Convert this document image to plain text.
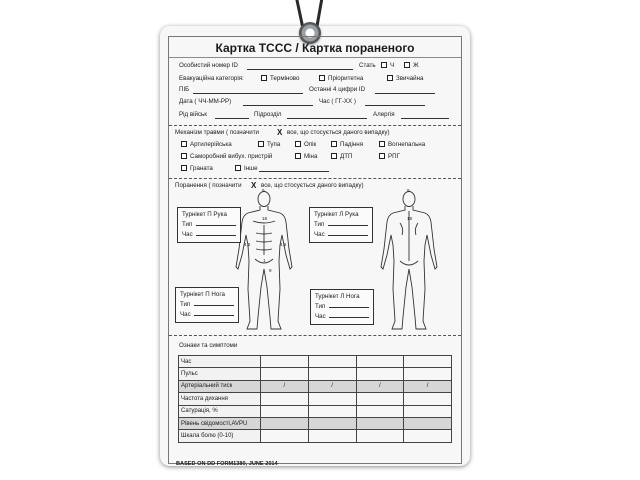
Картка TCCC / Картка пораненого
Особистий номер ID	Стать Ч	Ж
Евакуаційна категорія:	Терміново	Пріоритетна	Звичайна
ПІБ	Останні 4 цифри ID
Дата ( ЧЧ-ММ-РР)	Час ( ГГ-ХХ )
Рід військ	Підрозділ	Алергія
Механізм травми ( позначити X все, що стосується даного випадку)
Артилерійська	Тупа	Опік	Падіння	Вогнепальна
Саморобний вибух. пристрій	Міна	ДТП	РПГ
Граната	Інше
Поранення ( позначити X все, що стосується даного випадку)
9
4,5
18
4,5
9
1
9
18
Турнікет П Рука
Тип
Час
Турнікет Л Рука
Тип
Час
Турнікет П Нога
Тип
Час
Турнікет Л Нога
Тип
Час
Ознаки та симптоми
Час				
Пульс				
Артеріальний тиск	/	/	/	/
Частота дихання				
Сатурація, %				
Рівень свідомості,AVPU				
Шкала болю (0-10)				
BASED ON DD FORM1380, JUNE 2014
